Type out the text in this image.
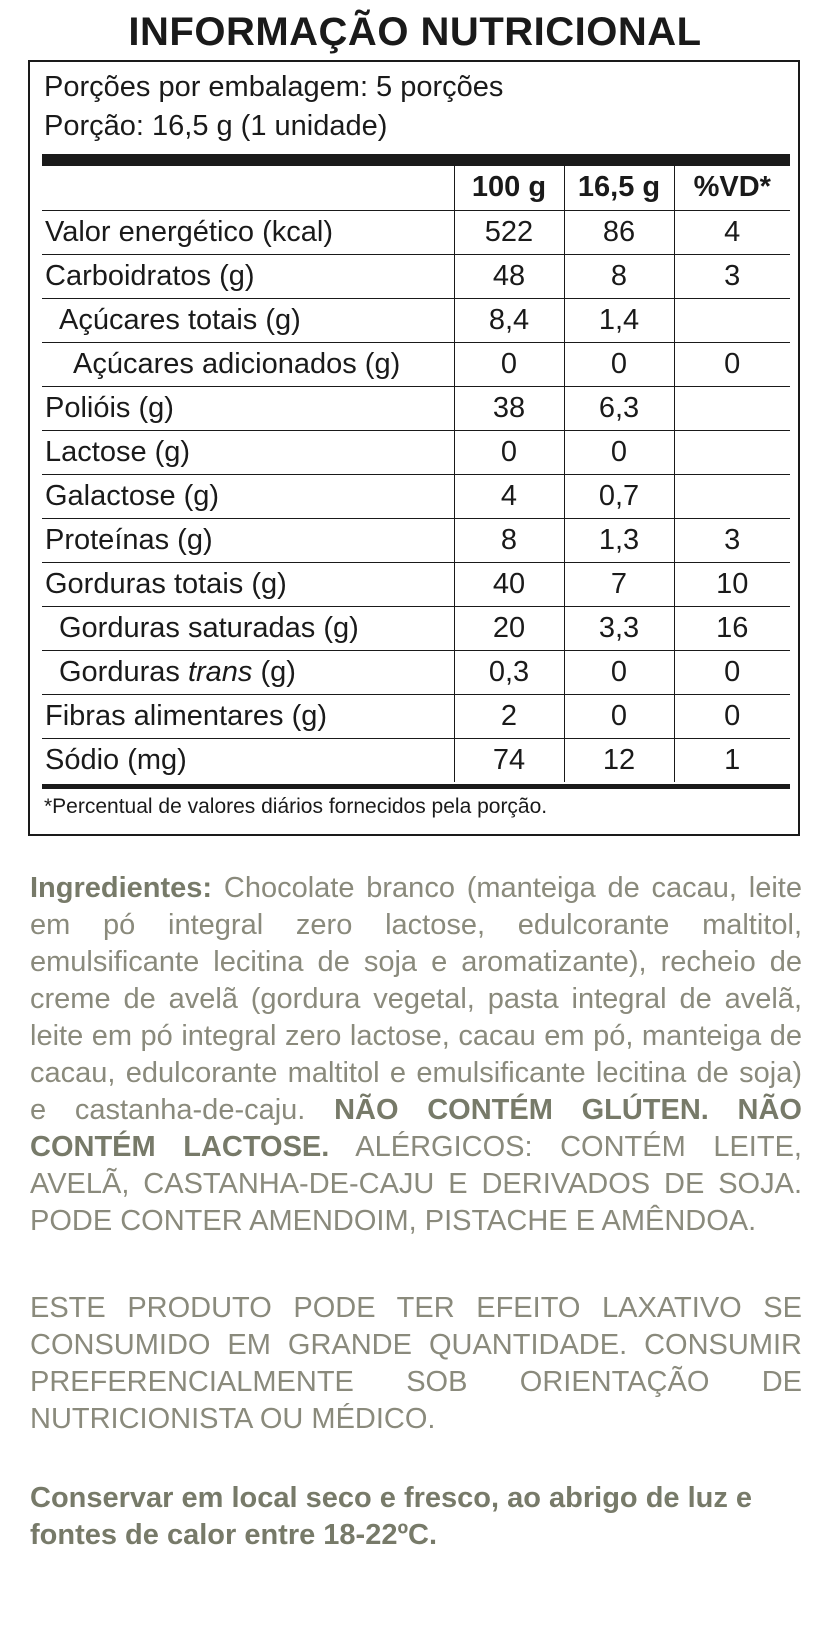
INFORMAÇÃO NUTRICIONAL
Porções por embalagem: 5 porções
Porção: 16,5 g (1 unidade)
	100 g	16,5 g	%VD*
Valor energético (kcal)	522	86	4
Carboidratos (g)	48	8	3
Açúcares totais (g)	8,4	1,4	
Açúcares adicionados (g)	0	0	0
Polióis (g)	38	6,3	
Lactose (g)	0	0	
Galactose (g)	4	0,7	
Proteínas (g)	8	1,3	3
Gorduras totais (g)	40	7	10
Gorduras saturadas (g)	20	3,3	16
Gorduras trans (g)	0,3	0	0
Fibras alimentares (g)	2	0	0
Sódio (mg)	74	12	1
*Percentual de valores diários fornecidos pela porção.
Ingredientes: Chocolate branco (manteiga de cacau, leite em pó integral zero lactose, edulcorante maltitol, emulsificante lecitina de soja e aromatizante), recheio de creme de avelã (gordura vegetal, pasta integral de avelã, leite em pó integral zero lactose, cacau em pó, manteiga de cacau, edulcorante maltitol e emulsificante lecitina de soja) e castanha-de-caju. NÃO CONTÉM GLÚTEN. NÃO CONTÉM LACTOSE. ALÉRGICOS: CONTÉM LEITE, AVELÃ, CASTANHA-DE-CAJU E DERIVADOS DE SOJA. PODE CONTER AMENDOIM, PISTACHE E AMÊNDOA.
ESTE PRODUTO PODE TER EFEITO LAXATIVO SE CONSUMIDO EM GRANDE QUANTIDADE. CONSUMIR PREFERENCIALMENTE SOB ORIENTAÇÃO DE NUTRICIONISTA OU MÉDICO.
Conservar em local seco e fresco, ao abrigo de luz e fontes de calor entre 18-22ºC.
